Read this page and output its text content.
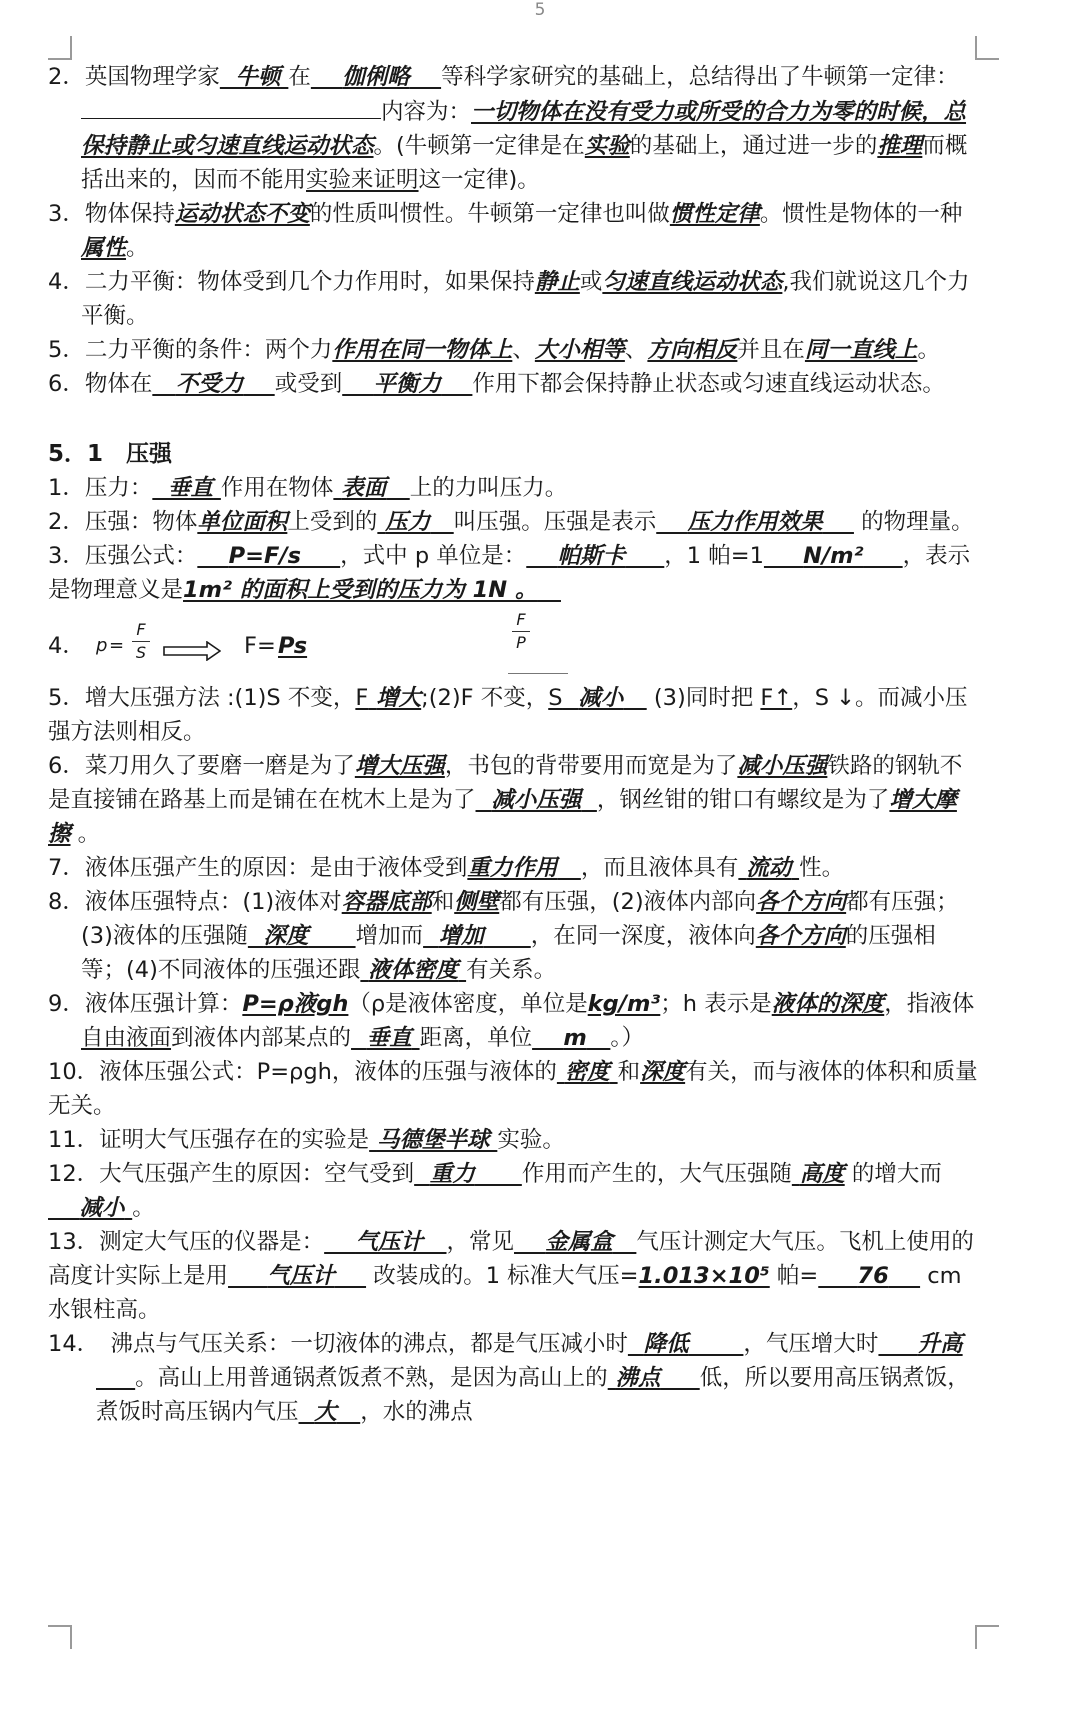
5

2．英国物理学家 牛顿 在 伽俐略 等科学家研究的基础上，总结得出了牛顿第一定律：内容为：一切物体在没有受力或所受的合力为零的时候，总保持静止或匀速直线运动状态。(牛顿第一定律是在实验的基础上，通过进一步的推理而概括出来的，因而不能用实验来证明这一定律)。

3．物体保持运动状态不变的性质叫惯性。牛顿第一定律也叫做惯性定律。惯性是物体的一种属性。

4．二力平衡：物体受到几个力作用时，如果保持静止或匀速直线运动状态,我们就说这几个力平衡。

5．二力平衡的条件：两个力作用在同一物体上、大小相等、方向相反并且在同一直线上。

6．物体在 不受力 或受到 平衡力 作用下都会保持静止状态或匀速直线运动状态。

5．1　压强

1．压力： 垂直 作用在物体 表面 上的力叫压力。

2．压强：物体单位面积上受到的 压力 叫压强。压强是表示 压力作用效果     的物理量。

3．压强公式： P=F/s ，式中 p 单位是： 帕斯卡 ，1 帕=1 N/m² ，表示是物理意义是1m² 的面积上受到的压力为 1N 。

4． p =
F
S	F= Ps
F
P

5．增大压强方法 :(1)S 不变，F 增大;(2)F 不变，S 减小    (3)同时把 F↑，S ↓。而减小压强方法则相反。

6．菜刀用久了要磨一磨是为了增大压强，书包的背带要用而宽是为了减小压强铁路的钢轨不是直接铺在路基上而是铺在在枕木上是为了 减小压强 ，钢丝钳的钳口有螺纹是为了增大摩擦 。

7．液体压强产生的原因：是由于液体受到重力作用 ，而且液体具有 流动 性。

8．液体压强特点：(1)液体对容器底部和侧壁都有压强，(2)液体内部向各个方向都有压强；(3)液体的压强随 深度 增加而 增加 ，在同一深度，液体向各个方向的压强相等；(4)不同液体的压强还跟 液体密度 有关系。

9．液体压强计算：P=ρ液gh（ρ是液体密度，单位是kg/m³；h 表示是液体的深度，指液体自由液面到液体内部某点的 垂直 距离，单位 m 。）

10．液体压强公式：P=ρgh，液体的压强与液体的 密度 和深度有关，而与液体的体积和质量无关。

11．证明大气压强存在的实验是 马德堡半球 实验。

12．大气压强产生的原因：空气受到 重力 作用而产生的，大气压强随 高度 的增大而    减小 。

13．测定大气压的仪器是： 气压计 ，常见 金属盒 气压计测定大气压。飞机上使用的高度计实际上是用 气压计     改装成的。1 标准大气压=1.013×10⁵ 帕= 76     cm 水银柱高。

14．　沸点与气压关系：一切液体的沸点，都是气压减小时 降低 ，气压增大时 升高     。高山上用普通锅煮饭煮不熟，是因为高山上的 沸点 低，所以要用高压锅煮饭，煮饭时高压锅内气压 大 ，水的沸点
